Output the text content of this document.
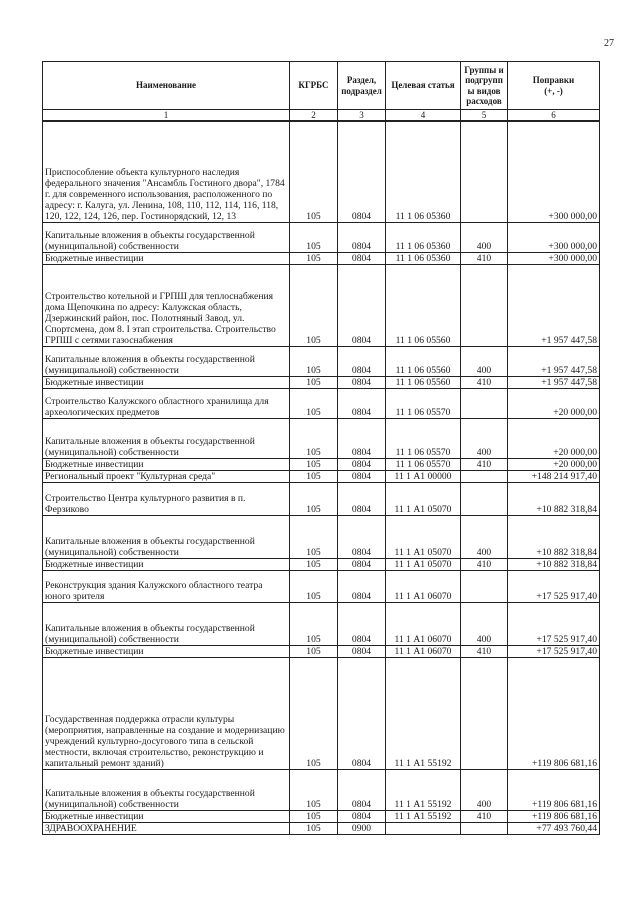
27
Наименование	КГРБС	Раздел, подраздел	Целевая статья	Группы и подгрупп ы видов расходов	Поправки
(+, -)

1	2	3	4	5	6
Приспособление объекта культурного наследия федерального значения "Ансамбль Гостиного двора", 1784 г. для современного использования, расположенного по адресу: г. Калуга, ул. Ленина, 108, 110, 112, 114, 116, 118, 120, 122, 124, 126, пер. Гостинорядский, 12, 13	105	0804	11 1 06 05360		+300 000,00
Капитальные вложения в объекты государственной (муниципальной) собственности	105	0804	11 1 06 05360	400	+300 000,00
Бюджетные инвестиции	105	0804	11 1 06 05360	410	+300 000,00
Строительство котельной и ГРПШ для теплоснабжения дома Щепочкина по адресу: Калужская область, Дзержинский район, пос. Полотняный Завод, ул. Спортсмена, дом 8. I этап строительства. Строительство ГРПШ с сетями газоснабжения	105	0804	11 1 06 05560		+1 957 447,58
Капитальные вложения в объекты государственной (муниципальной) собственности	105	0804	11 1 06 05560	400	+1 957 447,58
Бюджетные инвестиции	105	0804	11 1 06 05560	410	+1 957 447,58
Строительство Калужского областного хранилища для археологических предметов	105	0804	11 1 06 05570		+20 000,00
Капитальные вложения в объекты государственной (муниципальной) собственности	105	0804	11 1 06 05570	400	+20 000,00
Бюджетные инвестиции	105	0804	11 1 06 05570	410	+20 000,00
Региональный проект "Культурная среда"	105	0804	11 1 А1 00000		+148 214 917,40
Строительство Центра культурного развития в п. Ферзиково	105	0804	11 1 А1 05070		+10 882 318,84
Капитальные вложения в объекты государственной (муниципальной) собственности	105	0804	11 1 А1 05070	400	+10 882 318,84
Бюджетные инвестиции	105	0804	11 1 А1 05070	410	+10 882 318,84
Реконструкция здания Калужского областного театра юного зрителя	105	0804	11 1 А1 06070		+17 525 917,40
Капитальные вложения в объекты государственной (муниципальной) собственности	105	0804	11 1 А1 06070	400	+17 525 917,40
Бюджетные инвестиции	105	0804	11 1 А1 06070	410	+17 525 917,40
Государственная поддержка отрасли культуры (мероприятия, направленные на создание и модернизацию учреждений культурно-досугового типа в сельской местности, включая строительство, реконструкцию и капитальный ремонт зданий)	105	0804	11 1 А1 55192		+119 806 681,16
Капитальные вложения в объекты государственной (муниципальной) собственности	105	0804	11 1 А1 55192	400	+119 806 681,16
Бюджетные инвестиции	105	0804	11 1 А1 55192	410	+119 806 681,16
ЗДРАВООХРАНЕНИЕ	105	0900			+77 493 760,44
